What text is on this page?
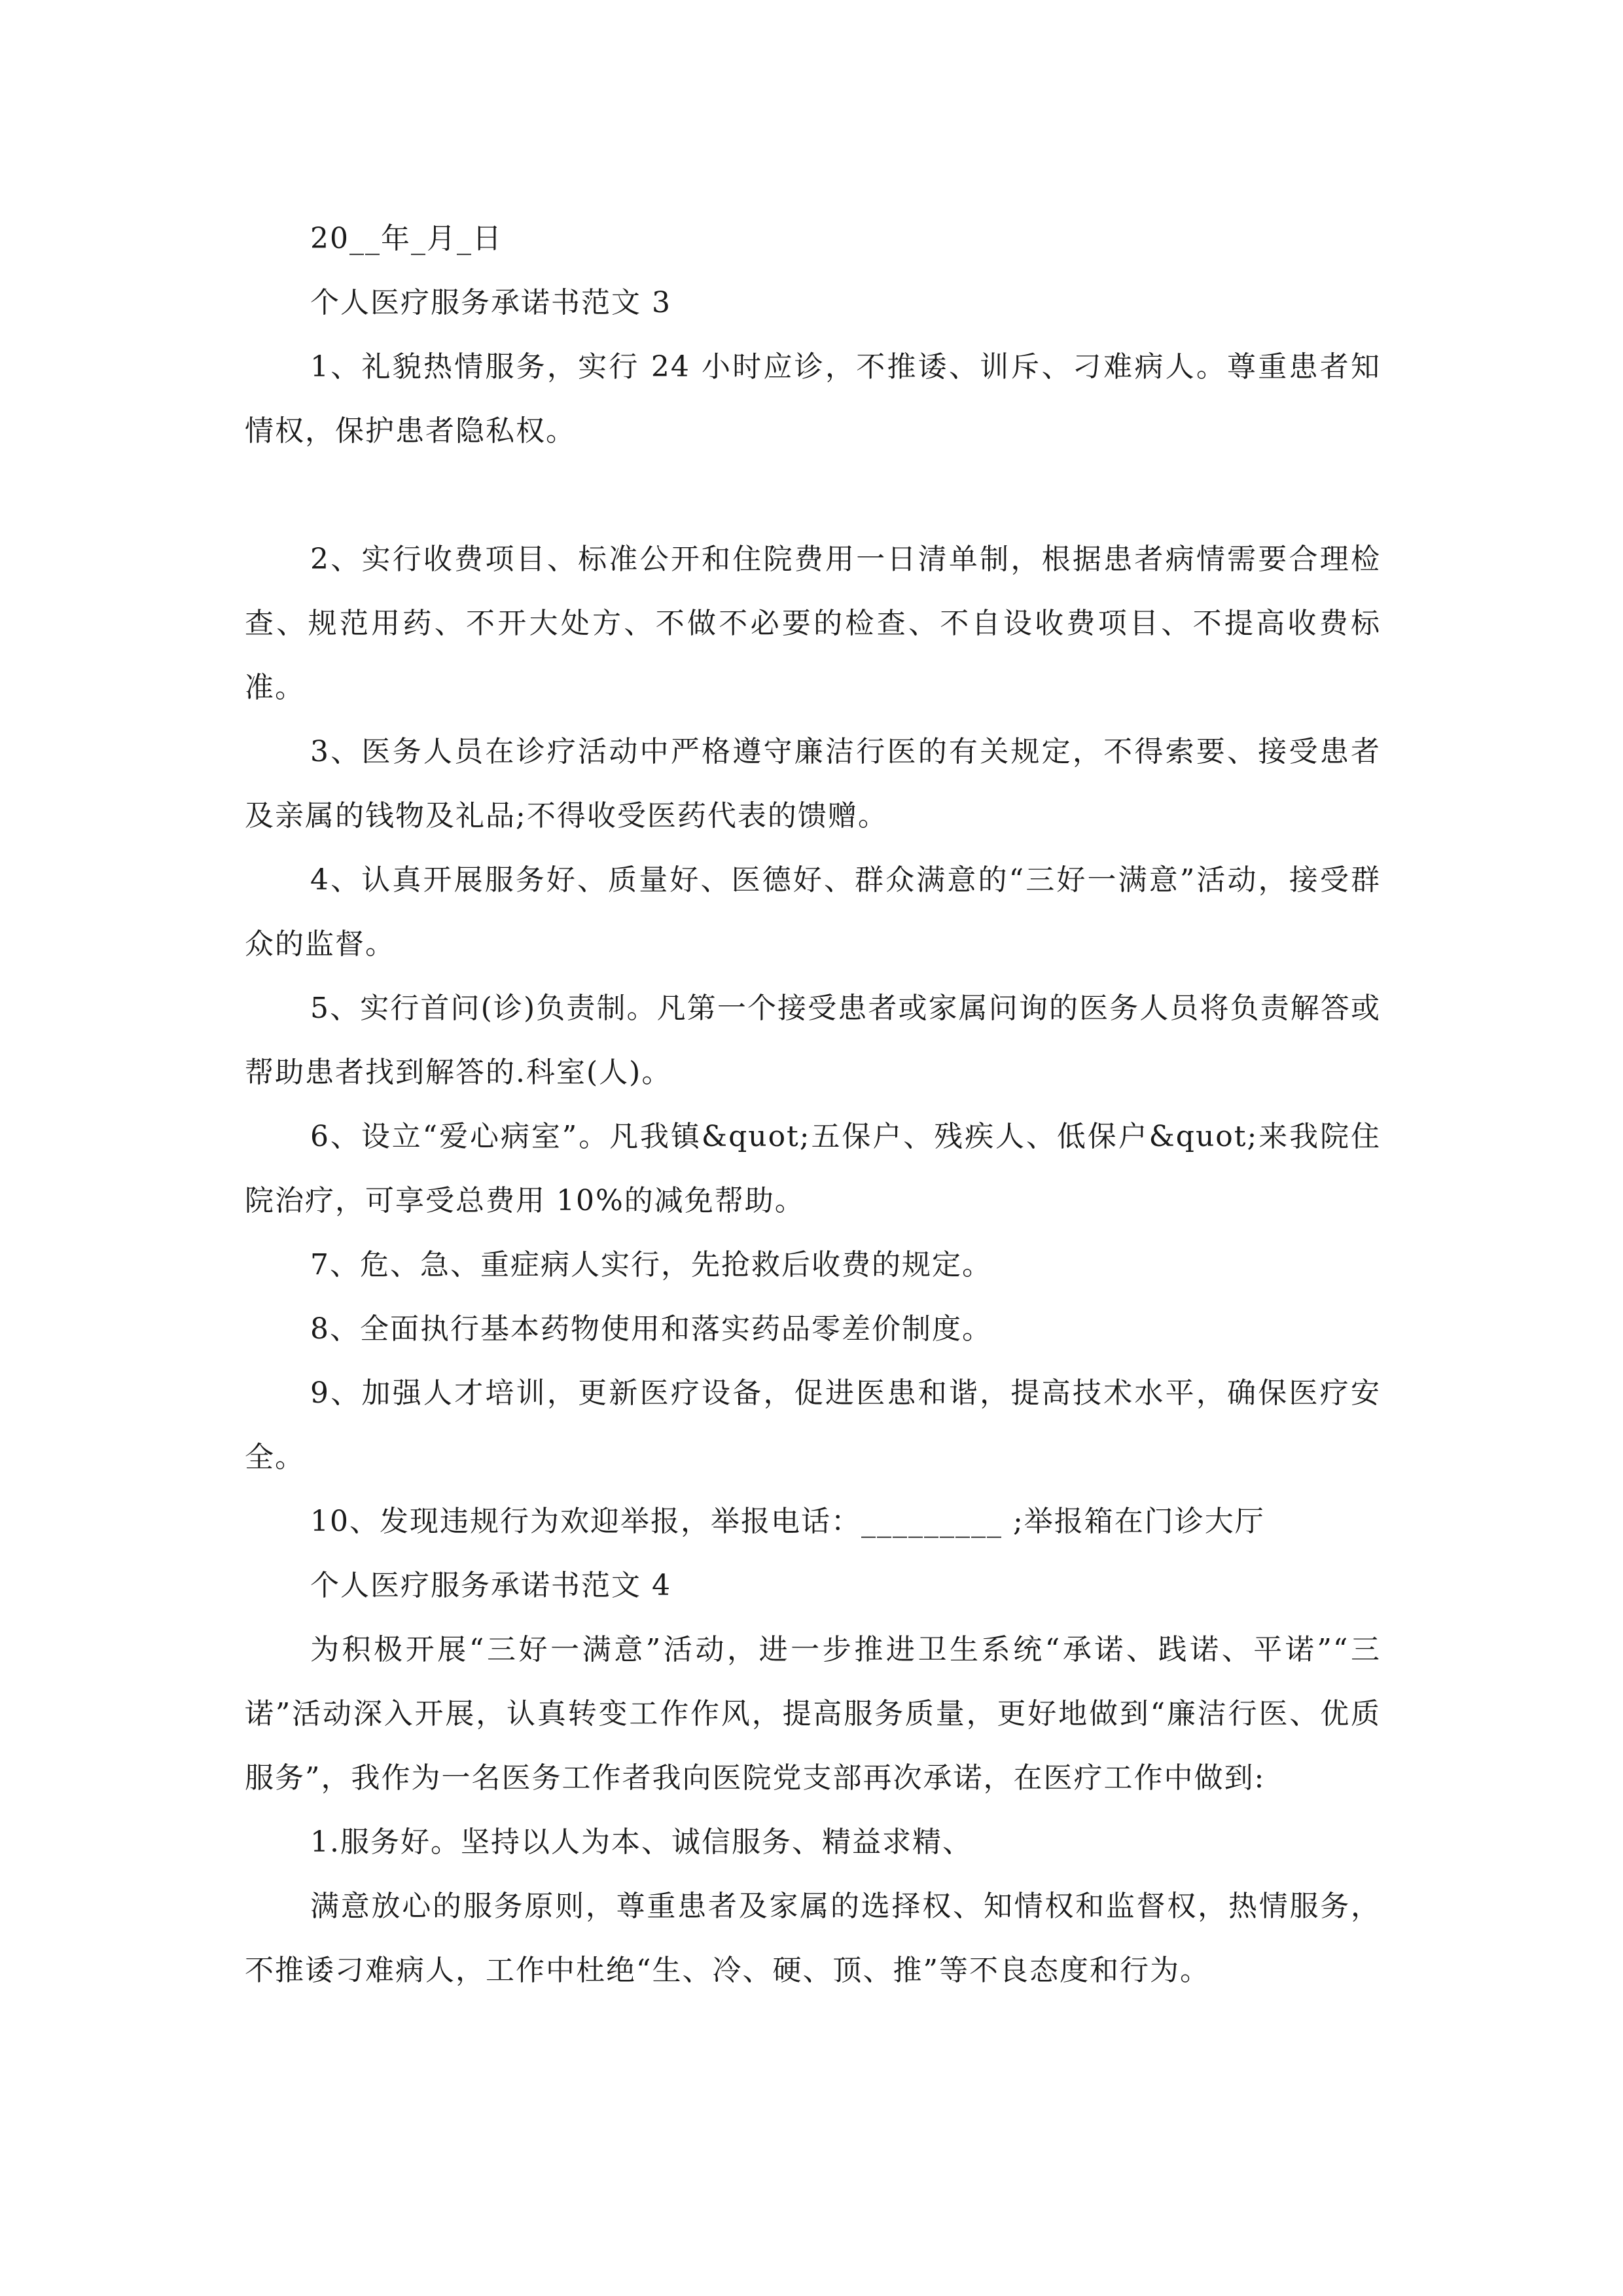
20__年_月_日

个人医疗服务承诺书范文 3

1、礼貌热情服务，实行 24 小时应诊，不推诿、训斥、刁难病人。尊重患者知情权，保护患者隐私权。

2、实行收费项目、标准公开和住院费用一日清单制，根据患者病情需要合理检查、规范用药、不开大处方、不做不必要的检查、不自设收费项目、不提高收费标准。

3、医务人员在诊疗活动中严格遵守廉洁行医的有关规定，不得索要、接受患者及亲属的钱物及礼品;不得收受医药代表的馈赠。

4、认真开展服务好、质量好、医德好、群众满意的“三好一满意”活动，接受群众的监督。

5、实行首问(诊)负责制。凡第一个接受患者或家属问询的医务人员将负责解答或帮助患者找到解答的.科室(人)。

6、设立“爱心病室”。凡我镇&quot;五保户、残疾人、低保户&quot;来我院住院治疗，可享受总费用 10%的减免帮助。

7、危、急、重症病人实行，先抢救后收费的规定。

8、全面执行基本药物使用和落实药品零差价制度。

9、加强人才培训，更新医疗设备，促进医患和谐，提高技术水平，确保医疗安全。

10、发现违规行为欢迎举报，举报电话：_________ ;举报箱在门诊大厅

个人医疗服务承诺书范文 4

为积极开展“三好一满意”活动，进一步推进卫生系统“承诺、践诺、平诺”“三诺”活动深入开展，认真转变工作作风，提高服务质量，更好地做到“廉洁行医、优质服务”，我作为一名医务工作者我向医院党支部再次承诺，在医疗工作中做到:

1.服务好。坚持以人为本、诚信服务、精益求精、

满意放心的服务原则，尊重患者及家属的选择权、知情权和监督权，热情服务，不推诿刁难病人，工作中杜绝“生、冷、硬、顶、推”等不良态度和行为。
